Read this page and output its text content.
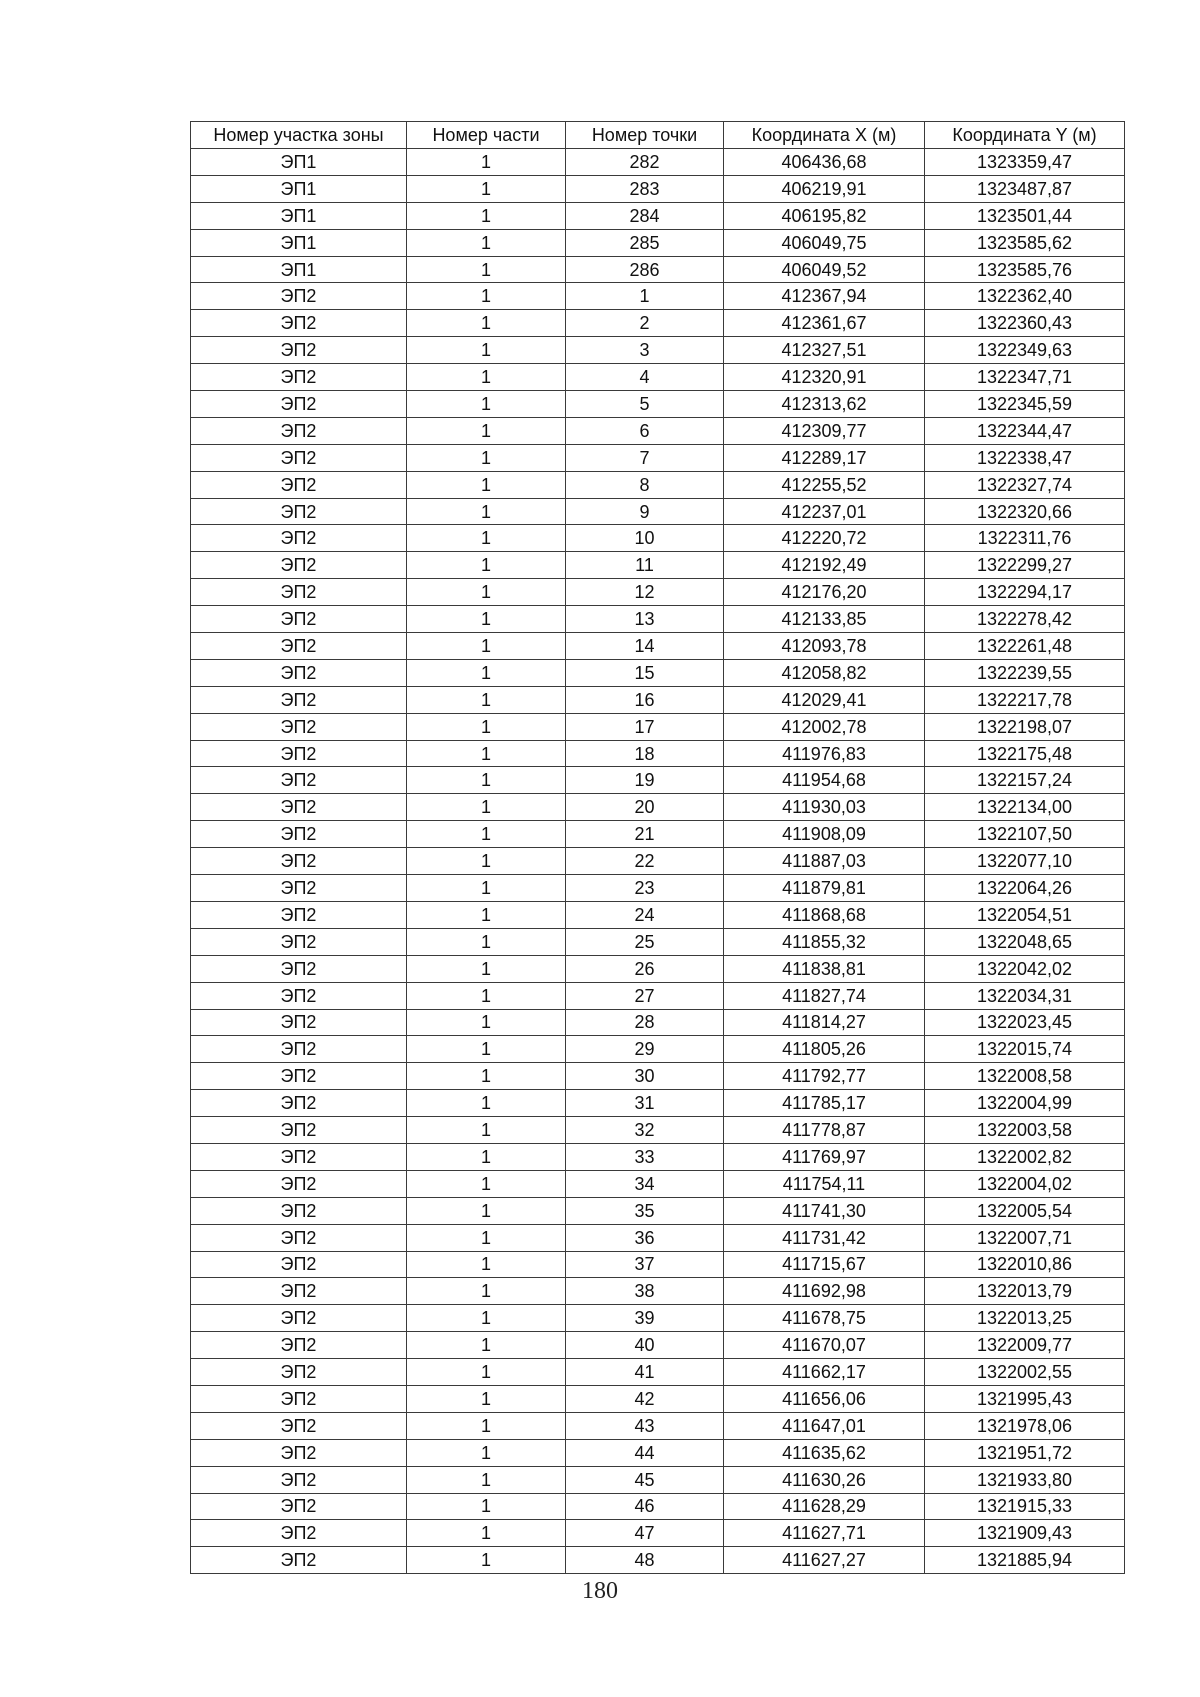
Номер участка зоны	Номер части	Номер точки	Координата X (м)	Координата Y (м)
ЭП1	1	282	406436,68	1323359,47
ЭП1	1	283	406219,91	1323487,87
ЭП1	1	284	406195,82	1323501,44
ЭП1	1	285	406049,75	1323585,62
ЭП1	1	286	406049,52	1323585,76
ЭП2	1	1	412367,94	1322362,40
ЭП2	1	2	412361,67	1322360,43
ЭП2	1	3	412327,51	1322349,63
ЭП2	1	4	412320,91	1322347,71
ЭП2	1	5	412313,62	1322345,59
ЭП2	1	6	412309,77	1322344,47
ЭП2	1	7	412289,17	1322338,47
ЭП2	1	8	412255,52	1322327,74
ЭП2	1	9	412237,01	1322320,66
ЭП2	1	10	412220,72	1322311,76
ЭП2	1	11	412192,49	1322299,27
ЭП2	1	12	412176,20	1322294,17
ЭП2	1	13	412133,85	1322278,42
ЭП2	1	14	412093,78	1322261,48
ЭП2	1	15	412058,82	1322239,55
ЭП2	1	16	412029,41	1322217,78
ЭП2	1	17	412002,78	1322198,07
ЭП2	1	18	411976,83	1322175,48
ЭП2	1	19	411954,68	1322157,24
ЭП2	1	20	411930,03	1322134,00
ЭП2	1	21	411908,09	1322107,50
ЭП2	1	22	411887,03	1322077,10
ЭП2	1	23	411879,81	1322064,26
ЭП2	1	24	411868,68	1322054,51
ЭП2	1	25	411855,32	1322048,65
ЭП2	1	26	411838,81	1322042,02
ЭП2	1	27	411827,74	1322034,31
ЭП2	1	28	411814,27	1322023,45
ЭП2	1	29	411805,26	1322015,74
ЭП2	1	30	411792,77	1322008,58
ЭП2	1	31	411785,17	1322004,99
ЭП2	1	32	411778,87	1322003,58
ЭП2	1	33	411769,97	1322002,82
ЭП2	1	34	411754,11	1322004,02
ЭП2	1	35	411741,30	1322005,54
ЭП2	1	36	411731,42	1322007,71
ЭП2	1	37	411715,67	1322010,86
ЭП2	1	38	411692,98	1322013,79
ЭП2	1	39	411678,75	1322013,25
ЭП2	1	40	411670,07	1322009,77
ЭП2	1	41	411662,17	1322002,55
ЭП2	1	42	411656,06	1321995,43
ЭП2	1	43	411647,01	1321978,06
ЭП2	1	44	411635,62	1321951,72
ЭП2	1	45	411630,26	1321933,80
ЭП2	1	46	411628,29	1321915,33
ЭП2	1	47	411627,71	1321909,43
ЭП2	1	48	411627,27	1321885,94
180
